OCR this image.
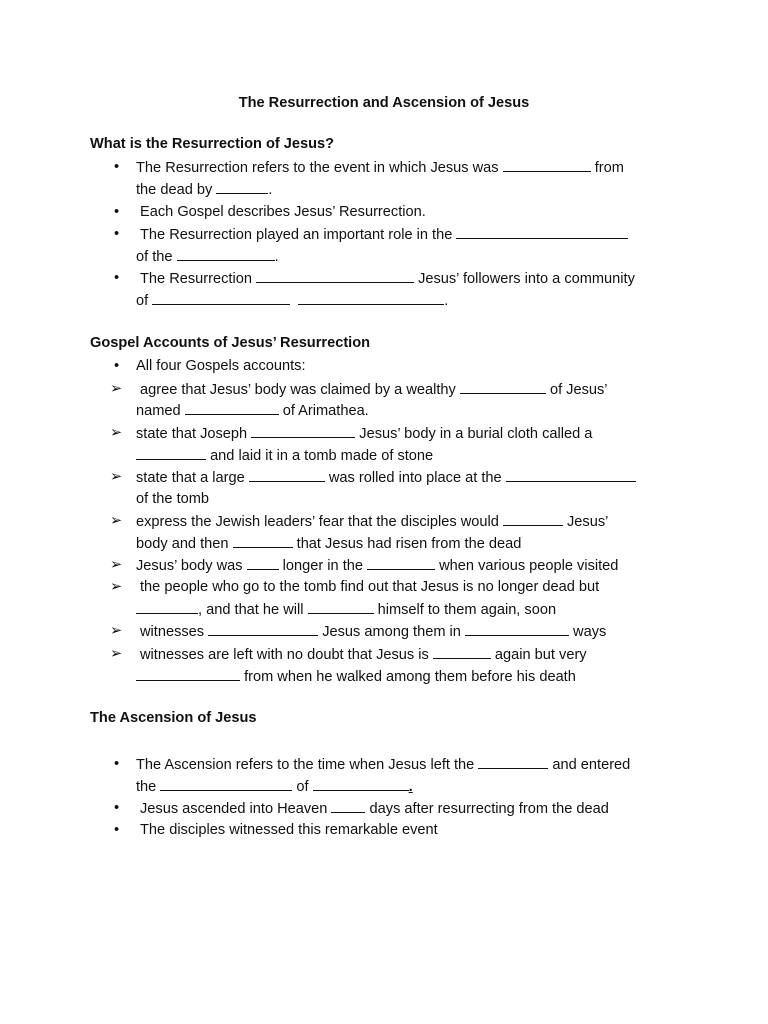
The Resurrection and Ascension of Jesus
What is the Resurrection of Jesus?
• The Resurrection refers to the event in which Jesus was	from
the dead by	.
• Each Gospel describes Jesus’ Resurrection.
• The Resurrection played an important role in the
of the	.
• The Resurrection	Jesus’ followers into a community
of	.
Gospel Accounts of Jesus’ Resurrection
• All four Gospels accounts:
➢ agree that Jesus’ body was claimed by a wealthy	of Jesus’
named	of Arimathea.
➢ state that Joseph	Jesus’ body in a burial cloth called a
and laid it in a tomb made of stone
➢ state that a large	was rolled into place at the
of the tomb
➢ express the Jewish leaders’ fear that the disciples would	Jesus’
body and then	that Jesus had risen from the dead
➢ Jesus’ body was	longer in the	when various people visited
➢ the people who go to the tomb find out that Jesus is no longer dead but
, and that he will	himself to them again, soon
➢ witnesses	Jesus among them in	ways
➢ witnesses are left with no doubt that Jesus is	again but very
from when he walked among them before his death
The Ascension of Jesus
• The Ascension refers to the time when Jesus left the	and entered
the	of	.
• Jesus ascended into Heaven	days after resurrecting from the dead
• The disciples witnessed this remarkable event
